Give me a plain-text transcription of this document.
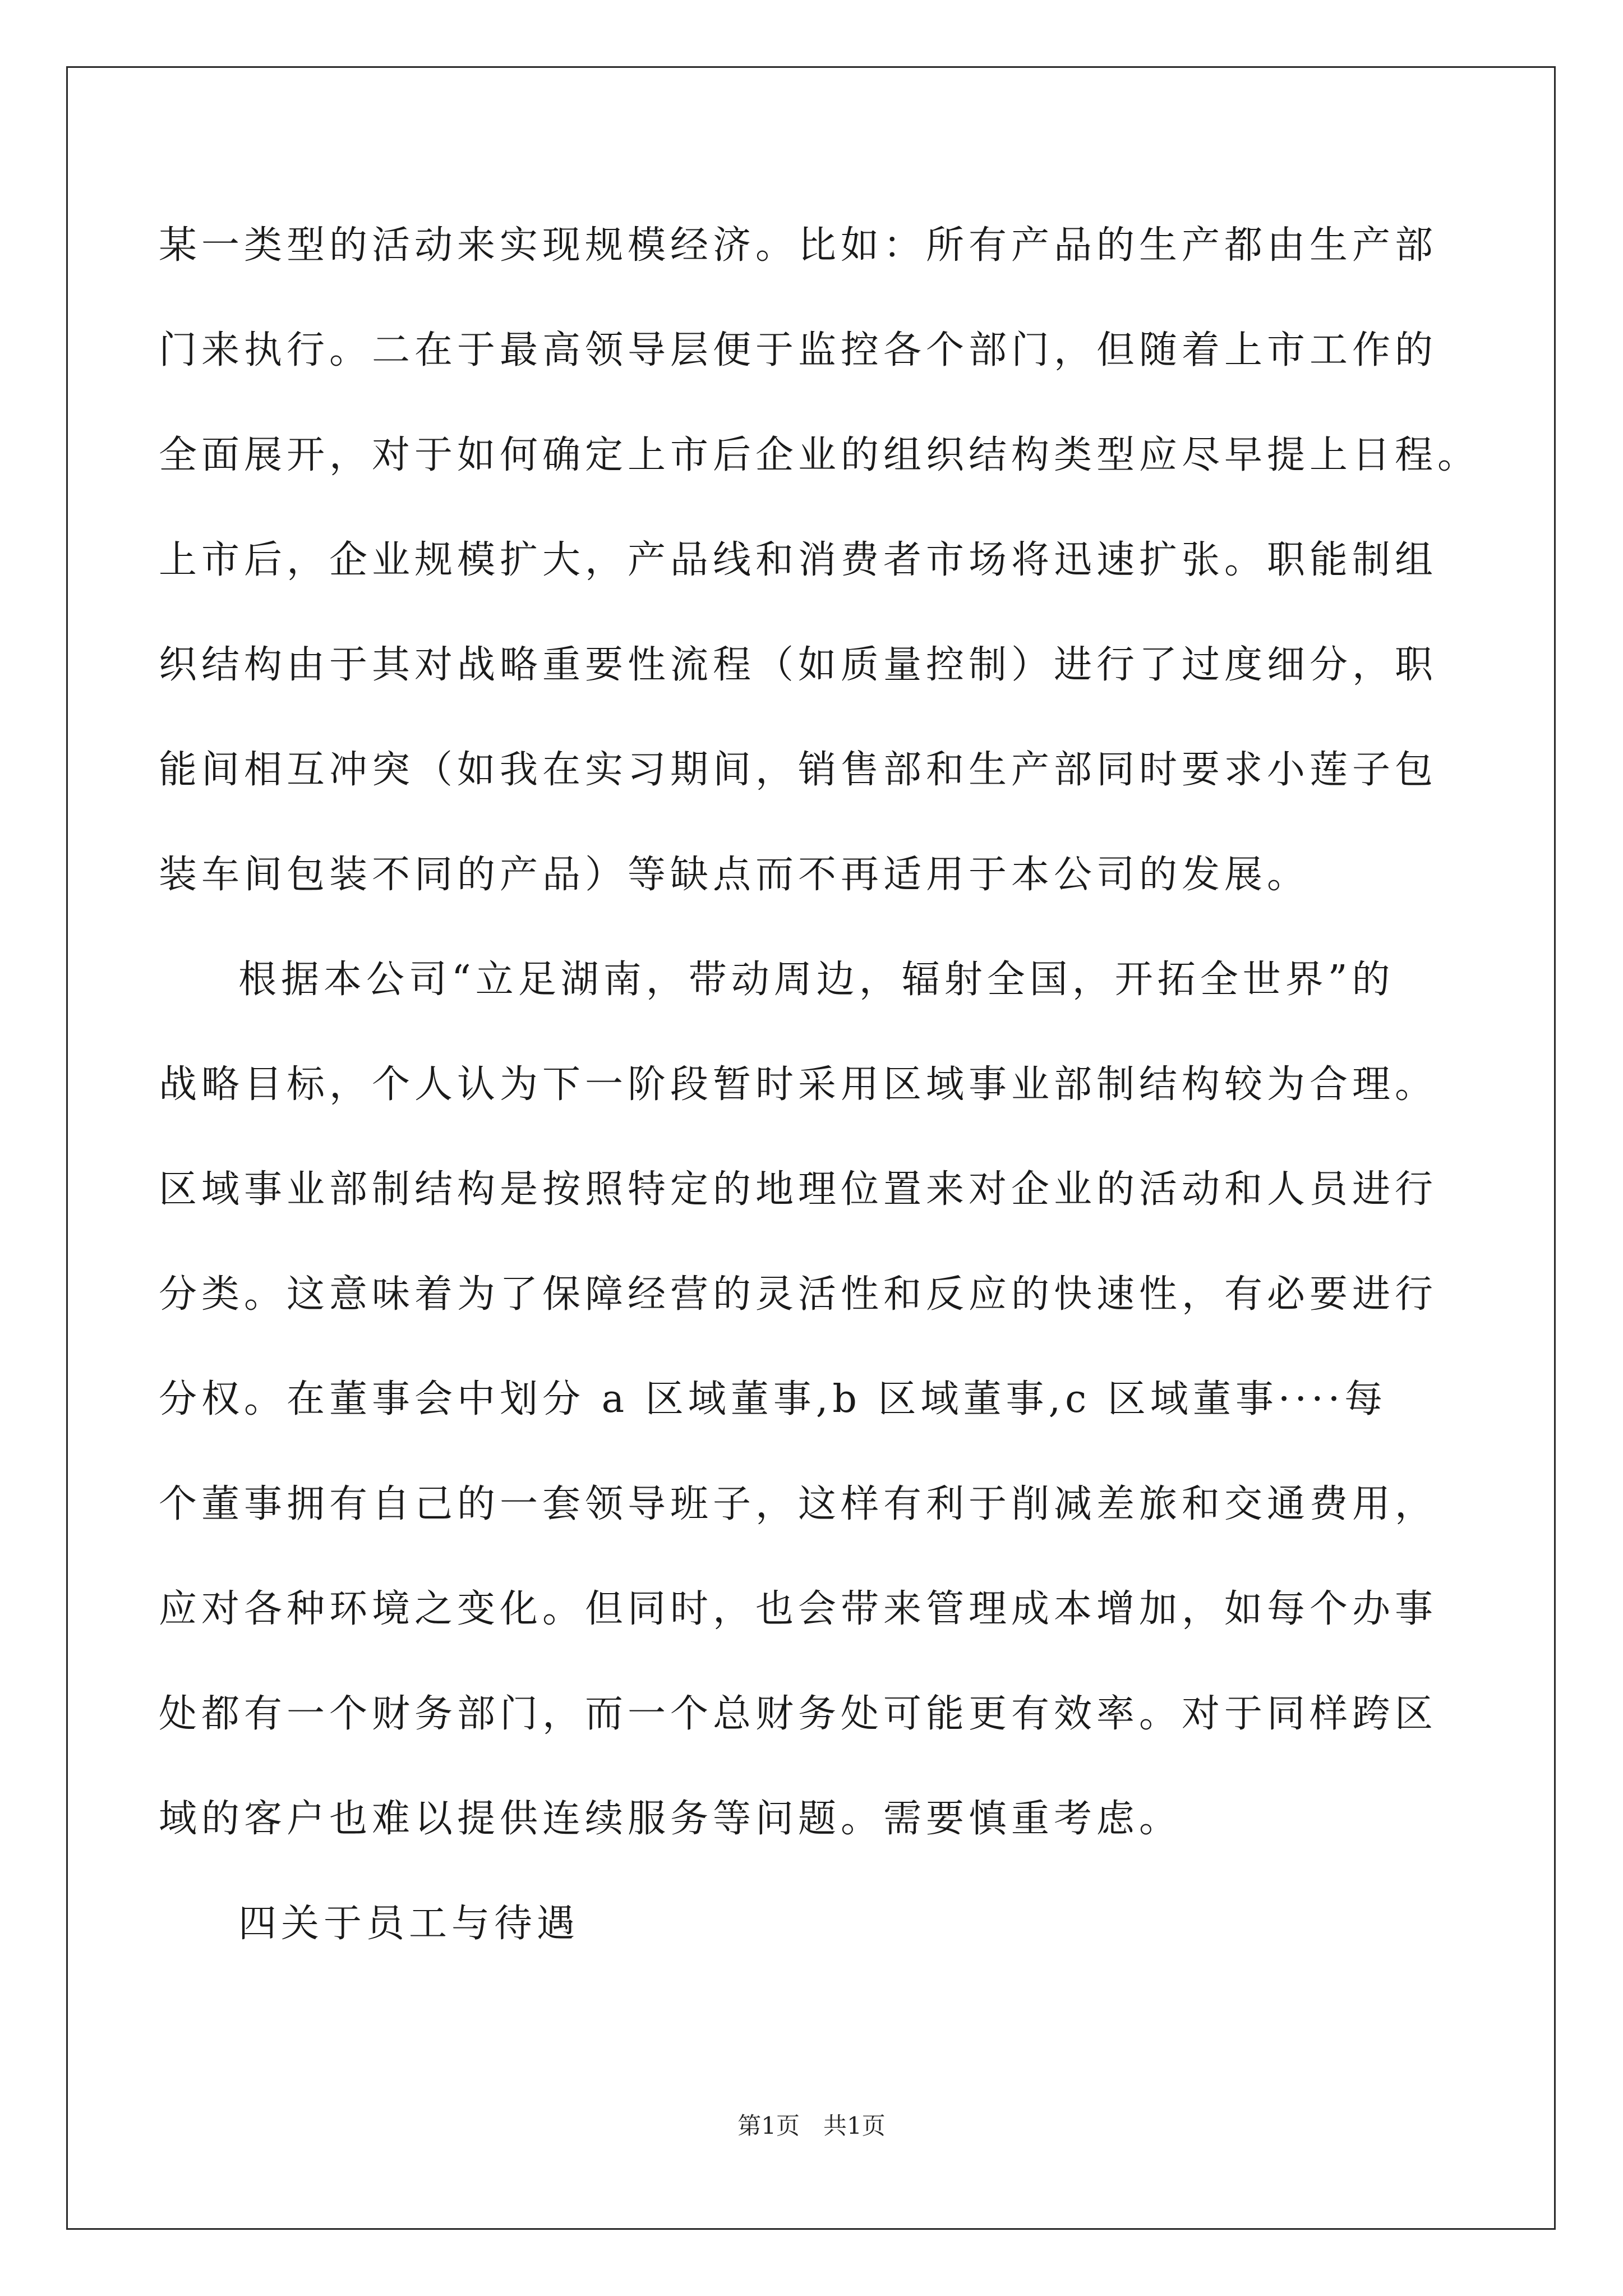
某一类型的活动来实现规模经济。比如：所有产品的生产都由生产部
门来执行。二在于最高领导层便于监控各个部门，但随着上市工作的
全面展开，对于如何确定上市后企业的组织结构类型应尽早提上日程。
上市后，企业规模扩大，产品线和消费者市场将迅速扩张。职能制组
织结构由于其对战略重要性流程（如质量控制）进行了过度细分，职
能间相互冲突（如我在实习期间，销售部和生产部同时要求小莲子包
装车间包装不同的产品）等缺点而不再适用于本公司的发展。
根据本公司“立足湖南，带动周边，辐射全国，开拓全世界”的
战略目标，个人认为下一阶段暂时采用区域事业部制结构较为合理。
区域事业部制结构是按照特定的地理位置来对企业的活动和人员进行
分类。这意味着为了保障经营的灵活性和反应的快速性，有必要进行
分权。在董事会中划分 a 区域董事,b 区域董事,c 区域董事····每
个董事拥有自己的一套领导班子，这样有利于削减差旅和交通费用，
应对各种环境之变化。但同时，也会带来管理成本增加，如每个办事
处都有一个财务部门，而一个总财务处可能更有效率。对于同样跨区
域的客户也难以提供连续服务等问题。需要慎重考虑。
四关于员工与待遇
第1页　共1页
